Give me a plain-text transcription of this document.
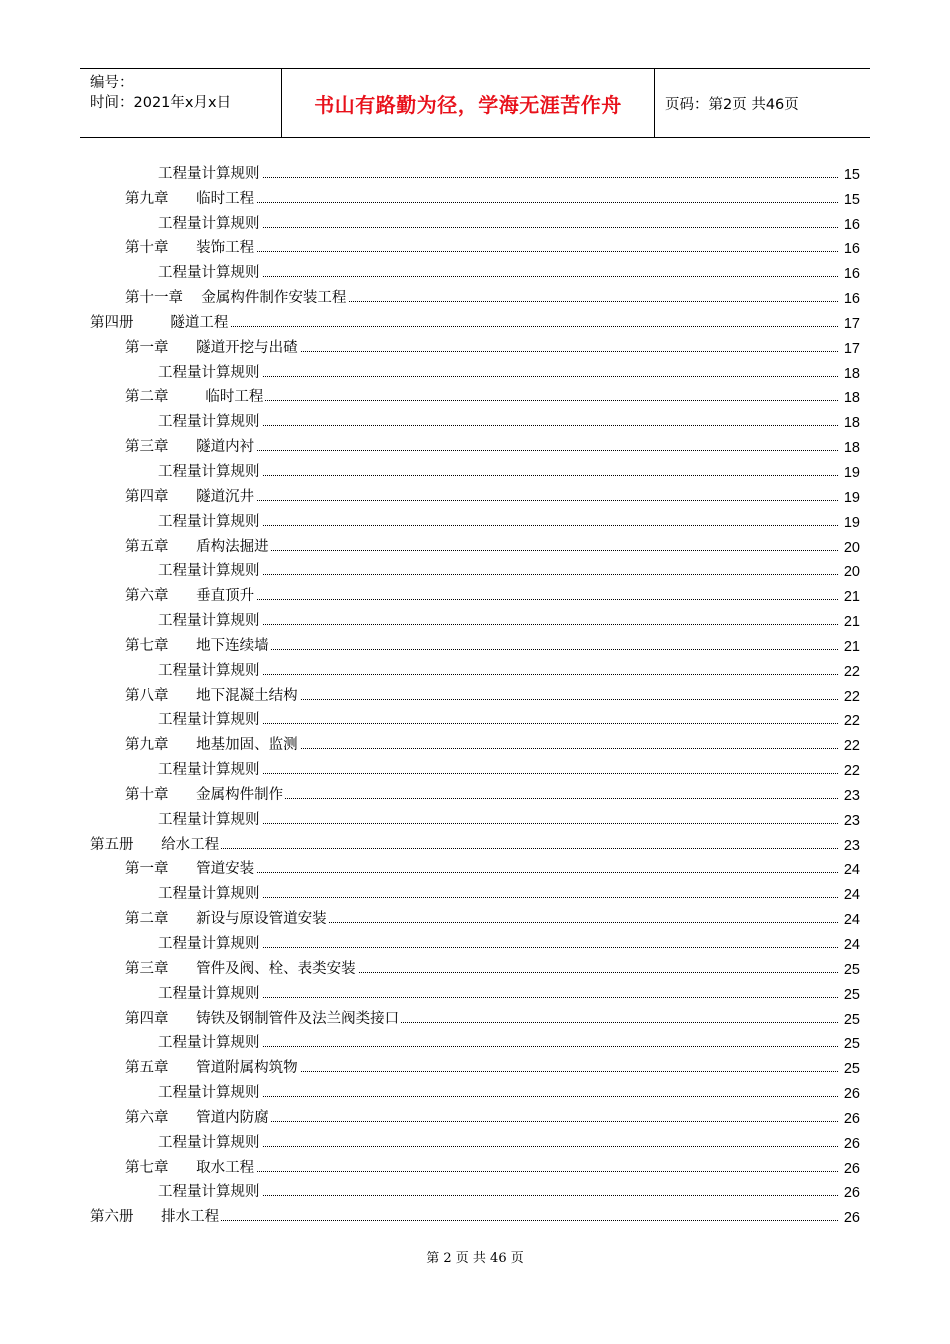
编号：
时间：2021年x月x日	书山有路勤为径，学海无涯苦作舟	页码：第2页 共46页
工程量计算规则	15
第九章      临时工程	15
工程量计算规则	16
第十章      装饰工程	16
工程量计算规则	16
第十一章    金属构件制作安装工程	16
第四册        隧道工程	17
第一章      隧道开挖与出碴	17
工程量计算规则	18
第二章        临时工程	18
工程量计算规则	18
第三章      隧道内衬	18
工程量计算规则	19
第四章      隧道沉井	19
工程量计算规则	19
第五章      盾构法掘进	20
工程量计算规则	20
第六章      垂直顶升	21
工程量计算规则	21
第七章      地下连续墙	21
工程量计算规则	22
第八章      地下混凝土结构	22
工程量计算规则	22
第九章      地基加固、监测	22
工程量计算规则	22
第十章      金属构件制作	23
工程量计算规则	23
第五册      给水工程	23
第一章      管道安装	24
工程量计算规则	24
第二章      新设与原设管道安装	24
工程量计算规则	24
第三章      管件及阀、栓、表类安装	25
工程量计算规则	25
第四章      铸铁及钢制管件及法兰阀类接口	25
工程量计算规则	25
第五章      管道附属构筑物	25
工程量计算规则	26
第六章      管道内防腐	26
工程量计算规则	26
第七章      取水工程	26
工程量计算规则	26
第六册      排水工程	26
第 2 页 共 46 页
